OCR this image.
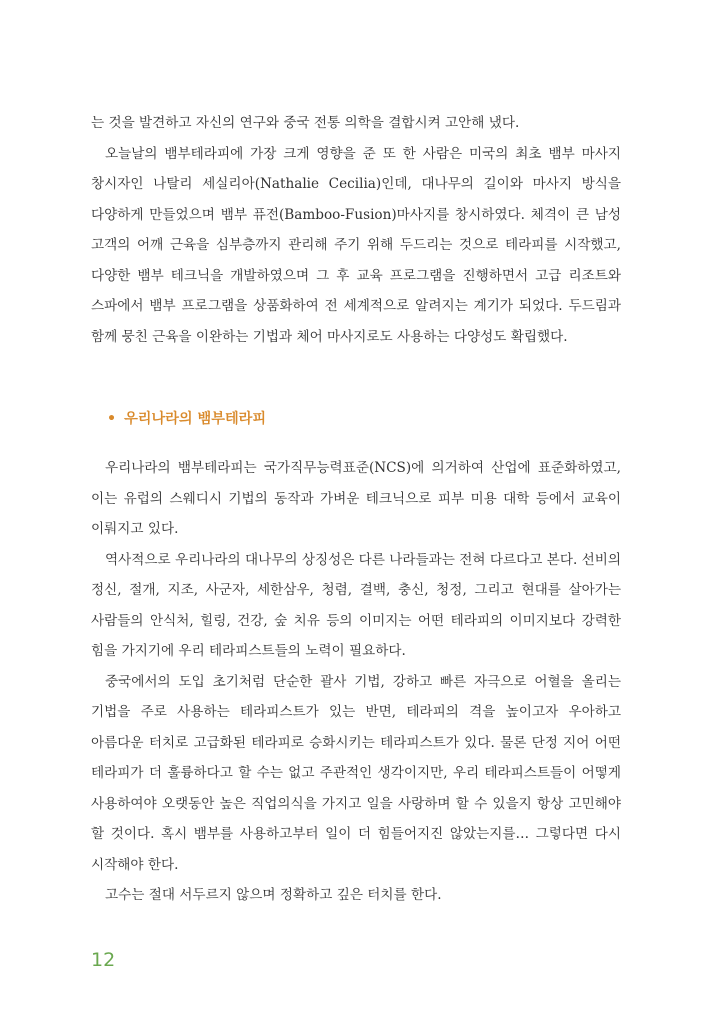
는 것을 발견하고 자신의 연구와 중국 전통 의학을 결합시켜 고안해 냈다.

오늘날의 뱀부테라피에 가장 크게 영향을 준 또 한 사람은 미국의 최초 뱀부 마사지 창시자인 나탈리 세실리아(Nathalie Cecilia)인데, 대나무의 길이와 마사지 방식을 다양하게 만들었으며 뱀부 퓨전(Bamboo-Fusion)마사지를 창시하였다. 체격이 큰 남성 고객의 어깨 근육을 심부층까지 관리해 주기 위해 두드리는 것으로 테라피를 시작했고, 다양한 뱀부 테크닉을 개발하였으며 그 후 교육 프로그램을 진행하면서 고급 리조트와 스파에서 뱀부 프로그램을 상품화하여 전 세계적으로 알려지는 계기가 되었다. 두드림과 함께 뭉친 근육을 이완하는 기법과 체어 마사지로도 사용하는 다양성도 확립했다.

• 우리나라의 뱀부테라피

우리나라의 뱀부테라피는 국가직무능력표준(NCS)에 의거하여 산업에 표준화하였고, 이는 유럽의 스웨디시 기법의 동작과 가벼운 테크닉으로 피부 미용 대학 등에서 교육이 이뤄지고 있다.

역사적으로 우리나라의 대나무의 상징성은 다른 나라들과는 전혀 다르다고 본다. 선비의 정신, 절개, 지조, 사군자, 세한삼우, 청렴, 결백, 충신, 청정, 그리고 현대를 살아가는 사람들의 안식처, 힐링, 건강, 숲 치유 등의 이미지는 어떤 테라피의 이미지보다 강력한 힘을 가지기에 우리 테라피스트들의 노력이 필요하다.

중국에서의 도입 초기처럼 단순한 괄사 기법, 강하고 빠른 자극으로 어혈을 올리는 기법을 주로 사용하는 테라피스트가 있는 반면, 테라피의 격을 높이고자 우아하고 아름다운 터치로 고급화된 테라피로 승화시키는 테라피스트가 있다. 물론 단정 지어 어떤 테라피가 더 훌륭하다고 할 수는 없고 주관적인 생각이지만, 우리 테라피스트들이 어떻게 사용하여야 오랫동안 높은 직업의식을 가지고 일을 사랑하며 할 수 있을지 항상 고민해야 할 것이다. 혹시 뱀부를 사용하고부터 일이 더 힘들어지진 않았는지를… 그렇다면 다시 시작해야 한다.

고수는 절대 서두르지 않으며 정확하고 깊은 터치를 한다.

12
